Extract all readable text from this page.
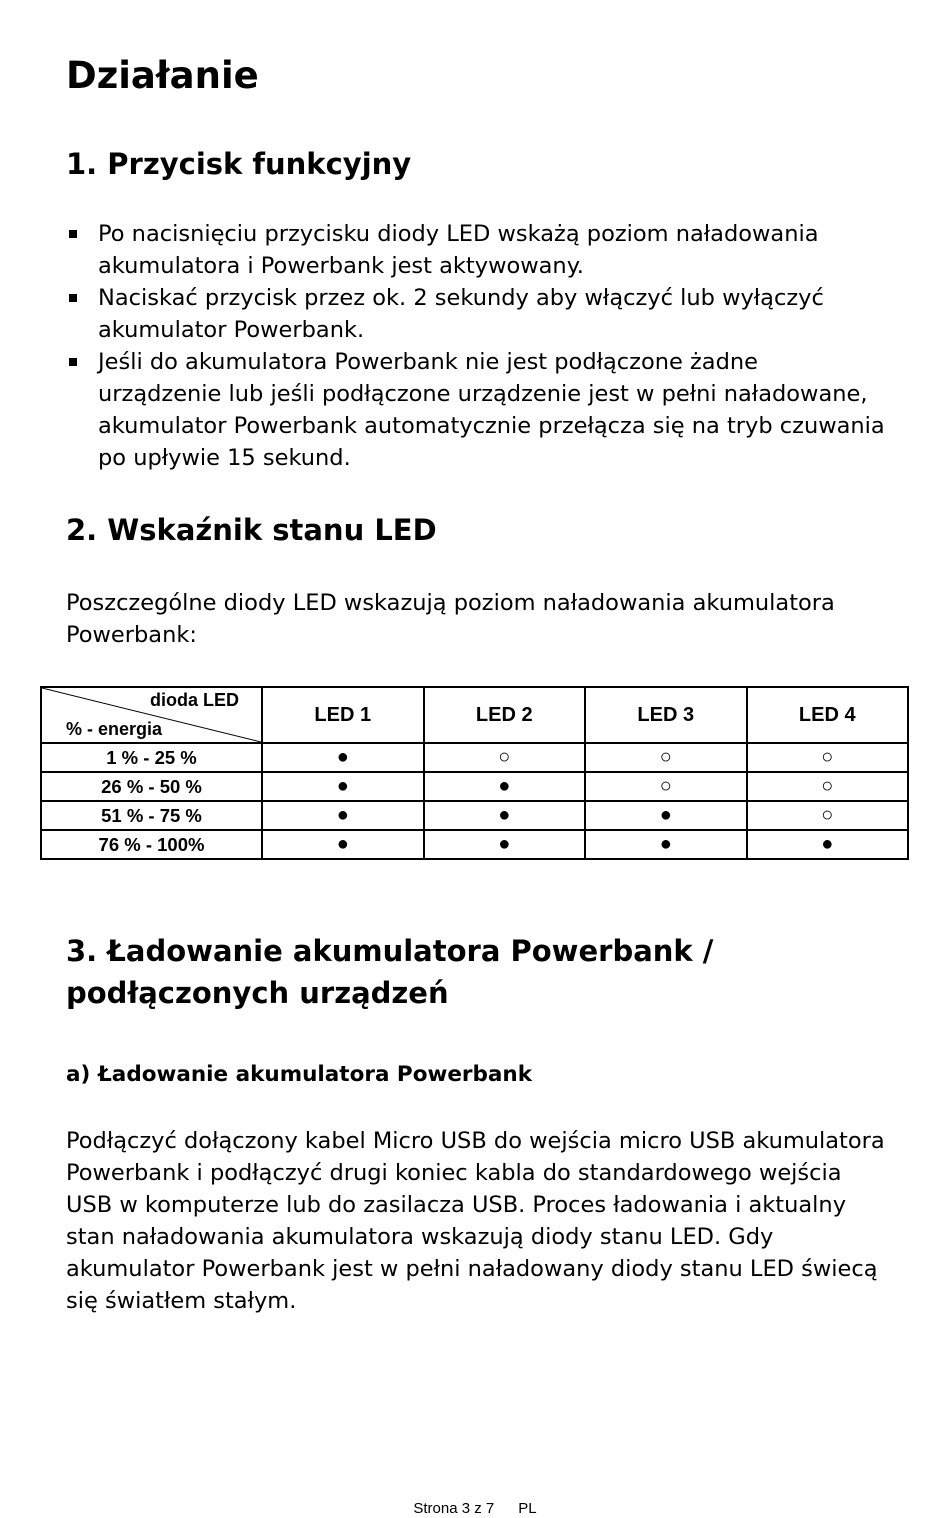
Działanie
1. Przycisk funkcyjny
Po nacisnięciu przycisku diody LED wskażą poziom naładowania akumulatora i Powerbank jest aktywowany.
Naciskać przycisk przez ok. 2 sekundy aby włączyć lub wyłączyć akumulator Powerbank.
Jeśli do akumulatora Powerbank nie jest podłączone żadne urządzenie lub jeśli podłączone urządzenie jest w pełni naładowane, akumulator Powerbank automatycznie przełącza się na tryb czuwania po upływie 15 sekund.
2. Wskaźnik stanu LED

Poszczególne diody LED wskazują poziom naładowania akumulatora Powerbank:

dioda LED
% - energia	LED 1	LED 2	LED 3	LED 4
1 % - 25 %	●	○	○	○
26 % - 50 %	●	●	○	○
51 % - 75 %	●	●	●	○
76 % - 100%	●	●	●	●
3. Ładowanie akumulatora Powerbank / podłączonych urządzeń
a) Ładowanie akumulatora Powerbank

Podłączyć dołączony kabel Micro USB do wejścia micro USB akumulatora Powerbank i podłączyć drugi koniec kabla do standardowego wejścia USB w komputerze lub do zasilacza USB. Proces ładowania i aktualny stan naładowania akumulatora wskazują diody stanu LED. Gdy akumulator Powerbank jest w pełni naładowany diody stanu LED świecą się światłem stałym.

Strona 3 z 7 PL
